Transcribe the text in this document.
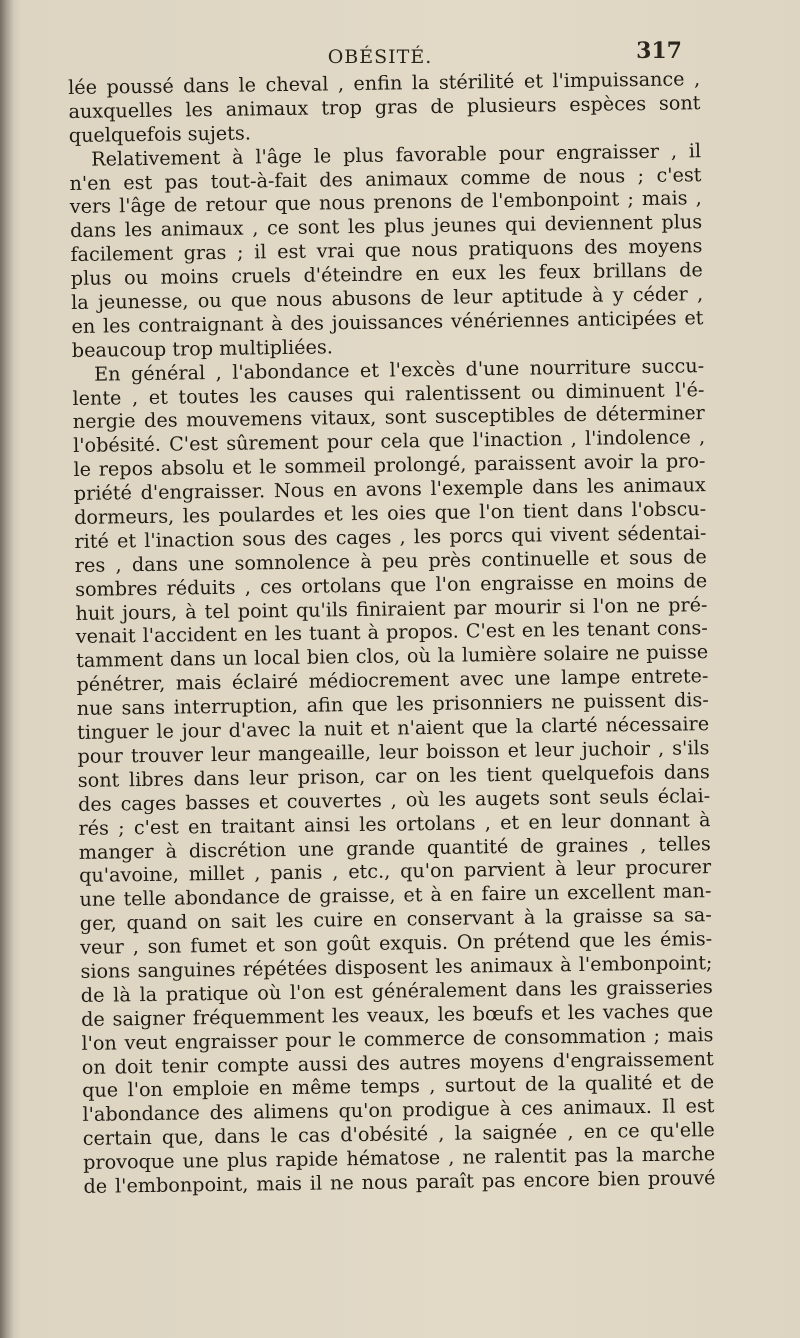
OBÉSITÉ.	317
lée poussé dans le cheval , enfin la stérilité et l'impuissance ,
auxquelles les animaux trop gras de plusieurs espèces sont
quelquefois sujets.
Relativement à l'âge le plus favorable pour engraisser , il
n'en est pas tout-à-fait des animaux comme de nous ; c'est
vers l'âge de retour que nous prenons de l'embonpoint ; mais ,
dans les animaux , ce sont les plus jeunes qui deviennent plus
facilement gras ; il est vrai que nous pratiquons des moyens
plus ou moins cruels d'éteindre en eux les feux brillans de
la jeunesse, ou que nous abusons de leur aptitude à y céder ,
en les contraignant à des jouissances vénériennes anticipées et
beaucoup trop multipliées.
En général , l'abondance et l'excès d'une nourriture succu-
lente , et toutes les causes qui ralentissent ou diminuent l'é-
nergie des mouvemens vitaux, sont susceptibles de déterminer
l'obésité. C'est sûrement pour cela que l'inaction , l'indolence ,
le repos absolu et le sommeil prolongé, paraissent avoir la pro-
priété d'engraisser. Nous en avons l'exemple dans les animaux
dormeurs, les poulardes et les oies que l'on tient dans l'obscu-
rité et l'inaction sous des cages , les porcs qui vivent sédentai-
res , dans une somnolence à peu près continuelle et sous de
sombres réduits , ces ortolans que l'on engraisse en moins de
huit jours, à tel point qu'ils finiraient par mourir si l'on ne pré-
venait l'accident en les tuant à propos. C'est en les tenant cons-
tamment dans un local bien clos, où la lumière solaire ne puisse
pénétrer, mais éclairé médiocrement avec une lampe entrete-
nue sans interruption, afin que les prisonniers ne puissent dis-
tinguer le jour d'avec la nuit et n'aient que la clarté nécessaire
pour trouver leur mangeaille, leur boisson et leur juchoir , s'ils
sont libres dans leur prison, car on les tient quelquefois dans
des cages basses et couvertes , où les augets sont seuls éclai-
rés ; c'est en traitant ainsi les ortolans , et en leur donnant à
manger à discrétion une grande quantité de graines , telles
qu'avoine, millet , panis , etc., qu'on parvient à leur procurer
une telle abondance de graisse, et à en faire un excellent man-
ger, quand on sait les cuire en conservant à la graisse sa sa-
veur , son fumet et son goût exquis. On prétend que les émis-
sions sanguines répétées disposent les animaux à l'embonpoint;
de là la pratique où l'on est généralement dans les graisseries
de saigner fréquemment les veaux, les bœufs et les vaches que
l'on veut engraisser pour le commerce de consommation ; mais
on doit tenir compte aussi des autres moyens d'engraissement
que l'on emploie en même temps , surtout de la qualité et de
l'abondance des alimens qu'on prodigue à ces animaux. Il est
certain que, dans le cas d'obésité , la saignée , en ce qu'elle
provoque une plus rapide hématose , ne ralentit pas la marche
de l'embonpoint, mais il ne nous paraît pas encore bien prouvé
